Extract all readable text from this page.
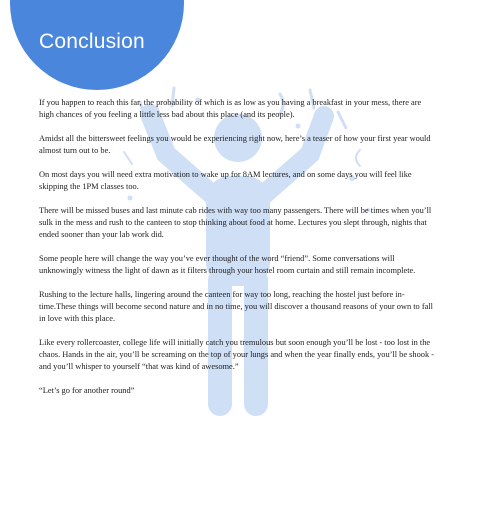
Conclusion

If you happen to reach this far, the probability of which is as low as you having a breakfast in your mess, there are high chances of you feeling a little less bad about this place (and its people).

Amidst all the bittersweet feelings you would be experiencing right now, here’s a teaser of how your first year would almost turn out to be.

On most days you will need extra motivation to wake up for 8AM lectures, and on some days you will feel like skipping the 1PM classes too.

There will be missed buses and last minute cab rides with way too many passengers. There will be times when you’ll sulk in the mess and rush to the canteen to stop thinking about food at home. Lectures you slept through, nights that ended sooner than your lab work did.

Some people here will change the way you’ve ever thought of the word “friend”. Some conversations will unknowingly witness the light of dawn as it filters through your hostel room curtain and still remain incomplete.

Rushing to the lecture halls, lingering around the canteen for way too long, reaching the hostel just before in-time.These things will become second nature and in no time, you will discover a thousand reasons of your own to fall in love with this place.

Like every rollercoaster, college life will initially catch you tremulous but soon enough you’ll be lost - too lost in the chaos. Hands in the air, you’ll be screaming on the top of your lungs and when the year finally ends, you’ll be shook - and you’ll whisper to yourself “that was kind of awesome.”

“Let’s go for another round”
